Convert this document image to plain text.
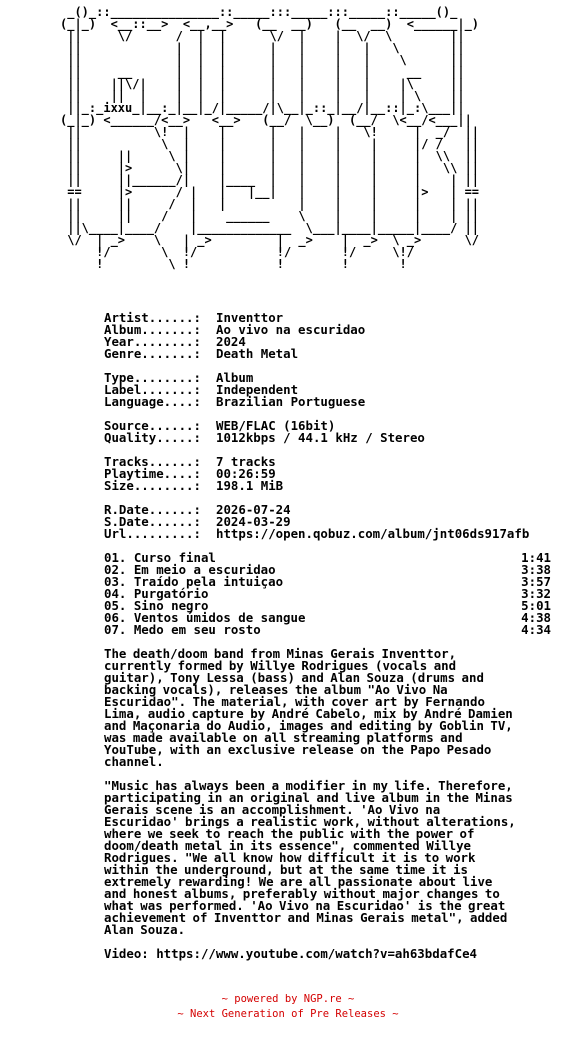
_()_::_______________::_____:::_____:::_____::_____()_
(_|_)  <__::__>  <__,__>   (__  __)   (__  __)  <______|_)
||     \/      /  |  |      \/  |    |  \/  \        ||
||             |  |  |      |   |    |   |   \       ||
||             |  |  |      |   |    |   |    \      ||
||     __      |  |  |      |   |    |   |     __    ||
||    ||\/|    |  |  |      |   |    |   |    |\     ||
||    ||  |    |  |  |      |   |    |   |    | \    ||
||_:_ixxu_|__:_|__|_/|_____/|\__|_::_|__/|__::|_:\___||
(_|_) <______/<__>   <__>   (__/  \__)  (__/  \<__/<___||
||          \!  |    |      |   |    |   \!     |  _/  ||
||           \  |    |      |   |    |    |     |/ /   ||
||     ||     \ |    |      |   |    |    |     |  \\  ||
||     |>      \|    |      |   |    |    |     |   \\ ||
||     ||______/|    |____  |   |    |    |     |    | ||
==     |>      / |   |   |__|   |    |    |     |>   | ==
||     ||     /  |   |          |    |    |     |    | ||
||     ||    /   |    ______    \    |    |     |    | ||
||\____|____/    |_____________  \___|____|_____|____/ ||
\/  | _>    \   | _>         |  _>    |  _>  \ _>      \/
!/       \  !/           !/       !/     \!/
!         \ !            !        !       !
Artist......: Inventtor
Album.......: Ao vivo na escuridao
Year........: 2024
Genre.......: Death Metal
Type........: Album
Label.......: Independent
Language....: Brazilian Portuguese
Source......: WEB/FLAC (16bit)
Quality.....: 1012kbps / 44.1 kHz / Stereo
Tracks......: 7 tracks
Playtime....: 00:26:59
Size........: 198.1 MiB
R.Date......: 2026-07-24
S.Date......: 2024-03-29
Url.........: https://open.qobuz.com/album/jnt06ds917afb
01. Curso final	1:41
02. Em meio a escuridao	3:38
03. Traído pela intuiçao	3:57
04. Purgatório	3:32
05. Sino negro	5:01
06. Ventos úmidos de sangue	4:38
07. Medo em seu rosto	4:34
The death/doom band from Minas Gerais Inventtor,
currently formed by Willye Rodrigues (vocals and
guitar), Tony Lessa (bass) and Alan Souza (drums and
backing vocals), releases the album "Ao Vivo Na
Escuridao". The material, with cover art by Fernando
Lima, audio capture by André Cabelo, mix by André Damien
and Maçonaria do Audio, images and editing by Goblin TV,
was made available on all streaming platforms and
YouTube, with an exclusive release on the Papo Pesado
channel.
"Music has always been a modifier in my life. Therefore,
participating in an original and live album in the Minas
Gerais scene is an accomplishment. 'Ao Vivo na
Escuridao' brings a realistic work, without alterations,
where we seek to reach the public with the power of
doom/death metal in its essence", commented Willye
Rodrigues. "We all know how difficult it is to work
within the underground, but at the same time it is
extremely rewarding! We are all passionate about live
and honest albums, preferably without major changes to
what was performed. 'Ao Vivo na Escuridao' is the great
achievement of Inventtor and Minas Gerais metal", added
Alan Souza.
Video: https://www.youtube.com/watch?v=ah63bdafCe4
~ powered by NGP.re ~
~ Next Generation of Pre Releases ~
